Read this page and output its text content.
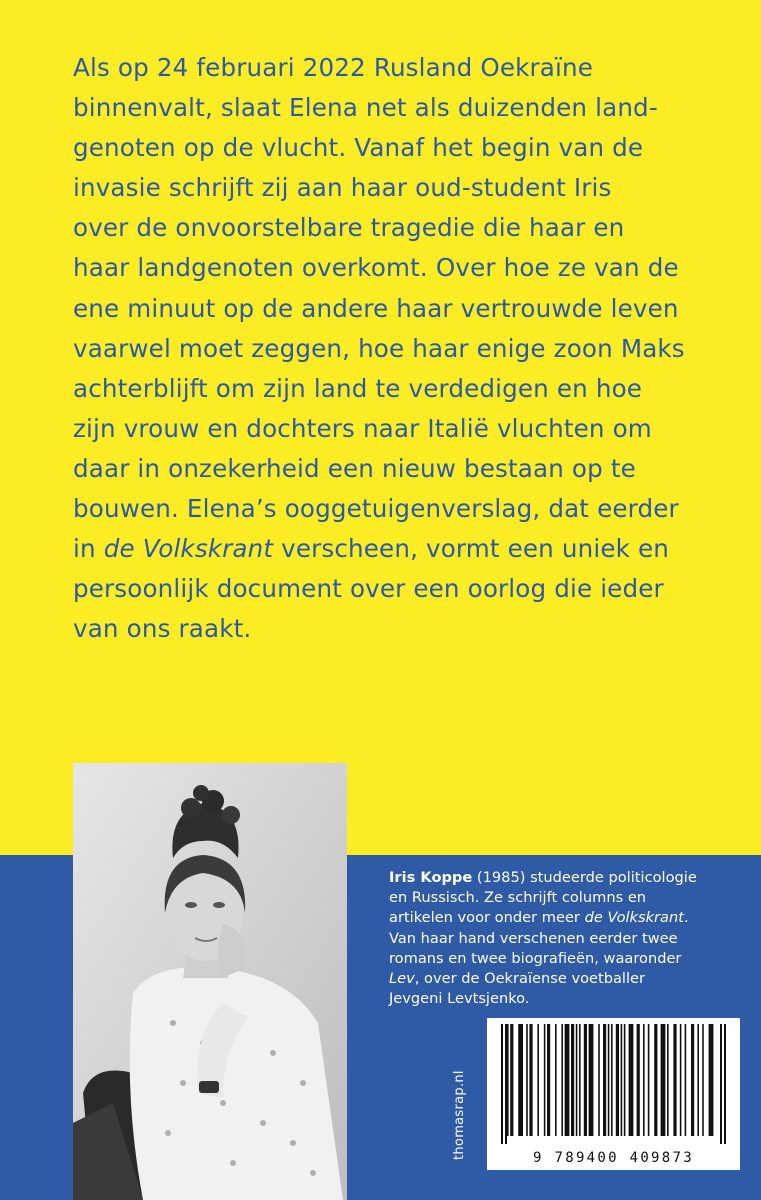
Als op 24 februari 2022 Rusland Oekraïne
binnenvalt, slaat Elena net als duizenden land-
genoten op de vlucht. Vanaf het begin van de
invasie schrijft zij aan haar oud-student Iris
over de onvoorstelbare tragedie die haar en
haar landgenoten overkomt. Over hoe ze van de
ene minuut op de andere haar vertrouwde leven
vaarwel moet zeggen, hoe haar enige zoon Maks
achterblijft om zijn land te verdedigen en hoe
zijn vrouw en dochters naar Italië vluchten om
daar in onzekerheid een nieuw bestaan op te
bouwen. Elena’s ooggetuigenverslag, dat eerder
in de Volkskrant verscheen, vormt een uniek en
persoonlijk document over een oorlog die ieder
van ons raakt.

Iris Koppe (1985) studeerde politicologie
en Russisch. Ze schrijft columns en
artikelen voor onder meer de Volkskrant.
Van haar hand verschenen eerder twee
romans en twee biografieën, waaronder
Lev, over de Oekraïense voetballer
Jevgeni Levtsjenko.
thomasrap.nl	9 789400 409873
